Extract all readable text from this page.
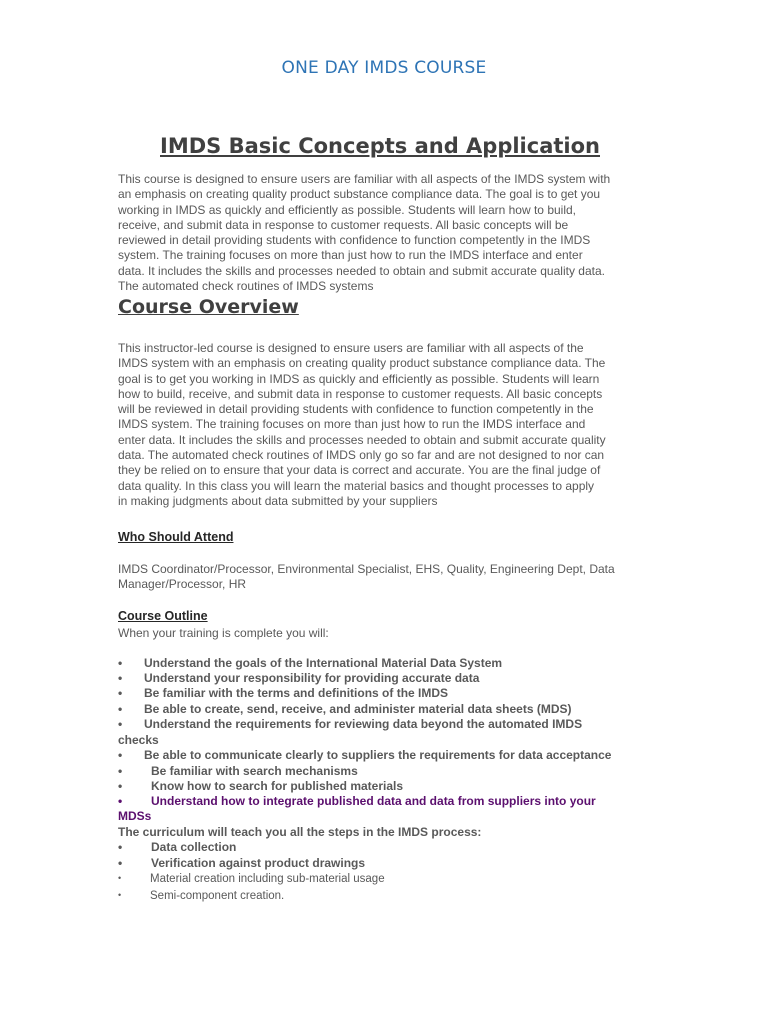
ONE DAY IMDS COURSE
IMDS Basic Concepts and Application
This course is designed to ensure users are familiar with all aspects of the IMDS system with
an emphasis on creating quality product substance compliance data. The goal is to get you
working in IMDS as quickly and efficiently as possible. Students will learn how to build,
receive, and submit data in response to customer requests. All basic concepts will be
reviewed in detail providing students with confidence to function competently in the IMDS
system. The training focuses on more than just how to run the IMDS interface and enter
data. It includes the skills and processes needed to obtain and submit accurate quality data.
The automated check routines of IMDS systems
Course Overview
This instructor-led course is designed to ensure users are familiar with all aspects of the
IMDS system with an emphasis on creating quality product substance compliance data. The
goal is to get you working in IMDS as quickly and efficiently as possible. Students will learn
how to build, receive, and submit data in response to customer requests. All basic concepts
will be reviewed in detail providing students with confidence to function competently in the
IMDS system. The training focuses on more than just how to run the IMDS interface and
enter data. It includes the skills and processes needed to obtain and submit accurate quality
data. The automated check routines of IMDS only go so far and are not designed to nor can
they be relied on to ensure that your data is correct and accurate. You are the final judge of
data quality. In this class you will learn the material basics and thought processes to apply
in making judgments about data submitted by your suppliers
Who Should Attend
IMDS Coordinator/Processor, Environmental Specialist, EHS, Quality, Engineering Dept, Data
Manager/Processor, HR
Course Outline
When your training is complete you will:
• Understand the goals of the International Material Data System
• Understand your responsibility for providing accurate data
• Be familiar with the terms and definitions of the IMDS
• Be able to create, send, receive, and administer material data sheets (MDS)
• Understand the requirements for reviewing data beyond the automated IMDS
checks
• Be able to communicate clearly to suppliers the requirements for data acceptance
• Be familiar with search mechanisms
• Know how to search for published materials
• Understand how to integrate published data and data from suppliers into your
MDSs
The curriculum will teach you all the steps in the IMDS process:
• Data collection
• Verification against product drawings
•	Material creation including sub-material usage
•	Semi-component creation.
